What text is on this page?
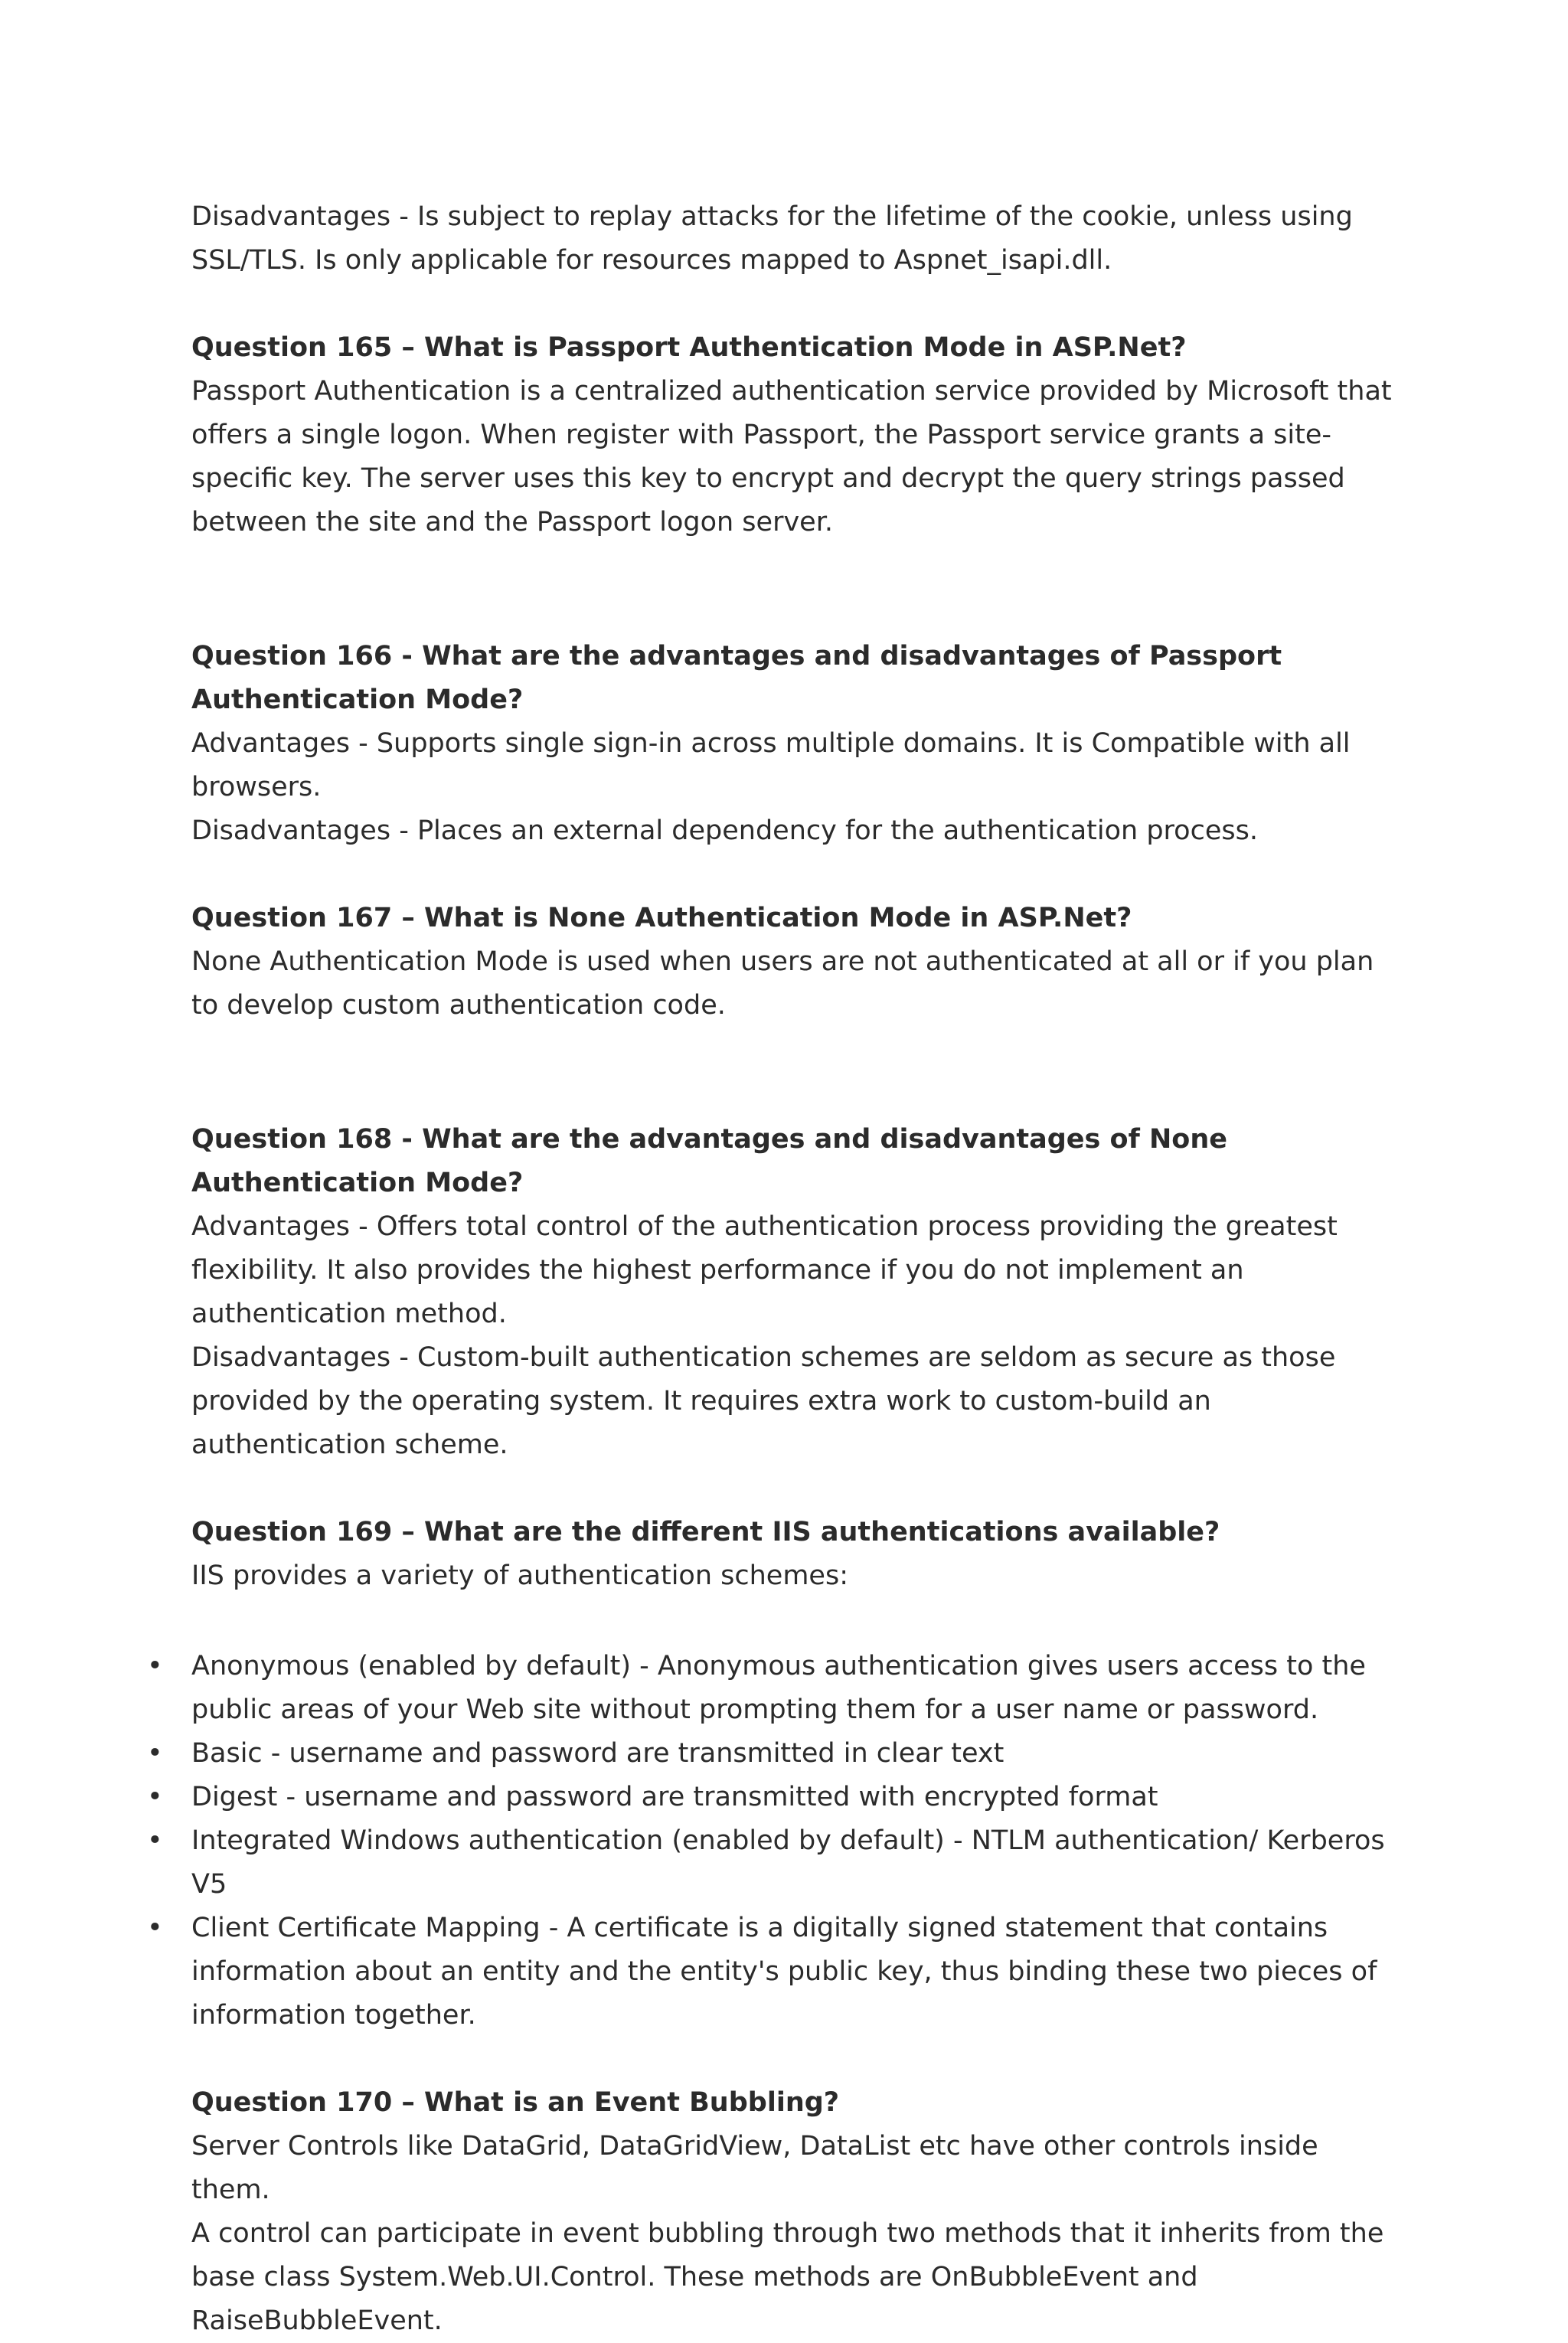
Disadvantages - Is subject to replay attacks for the lifetime of the cookie, unless using SSL/TLS. Is only applicable for resources mapped to Aspnet_isapi.dll.

Question 165 – What is Passport Authentication Mode in ASP.Net?

Passport Authentication is a centralized authentication service provided by Microsoft that offers a single logon. When register with Passport, the Passport service grants a site-specific key. The server uses this key to encrypt and decrypt the query strings passed between the site and the Passport logon server.

Question 166 - What are the advantages and disadvantages of Passport Authentication Mode?

Advantages - Supports single sign-in across multiple domains. It is Compatible with all browsers.

Disadvantages - Places an external dependency for the authentication process.

Question 167 – What is None Authentication Mode in ASP.Net?

None Authentication Mode is used when users are not authenticated at all or if you plan to develop custom authentication code.

Question 168 - What are the advantages and disadvantages of None Authentication Mode?

Advantages - Offers total control of the authentication process providing the greatest flexibility. It also provides the highest performance if you do not implement an authentication method.

Disadvantages - Custom-built authentication schemes are seldom as secure as those provided by the operating system. It requires extra work to custom-build an authentication scheme.

Question 169 – What are the different IIS authentications available?

IIS provides a variety of authentication schemes:

• Anonymous (enabled by default) - Anonymous authentication gives users access to the public areas of your Web site without prompting them for a user name or password.
• Basic - username and password are transmitted in clear text
• Digest - username and password are transmitted with encrypted format
• Integrated Windows authentication (enabled by default) - NTLM authentication/ Kerberos V5
• Client Certificate Mapping - A certificate is a digitally signed statement that contains information about an entity and the entity's public key, thus binding these two pieces of information together.

Question 170 – What is an Event Bubbling?

Server Controls like DataGrid, DataGridView, DataList etc have other controls inside them.

A control can participate in event bubbling through two methods that it inherits from the base class System.Web.UI.Control. These methods are OnBubbleEvent and RaiseBubbleEvent.
